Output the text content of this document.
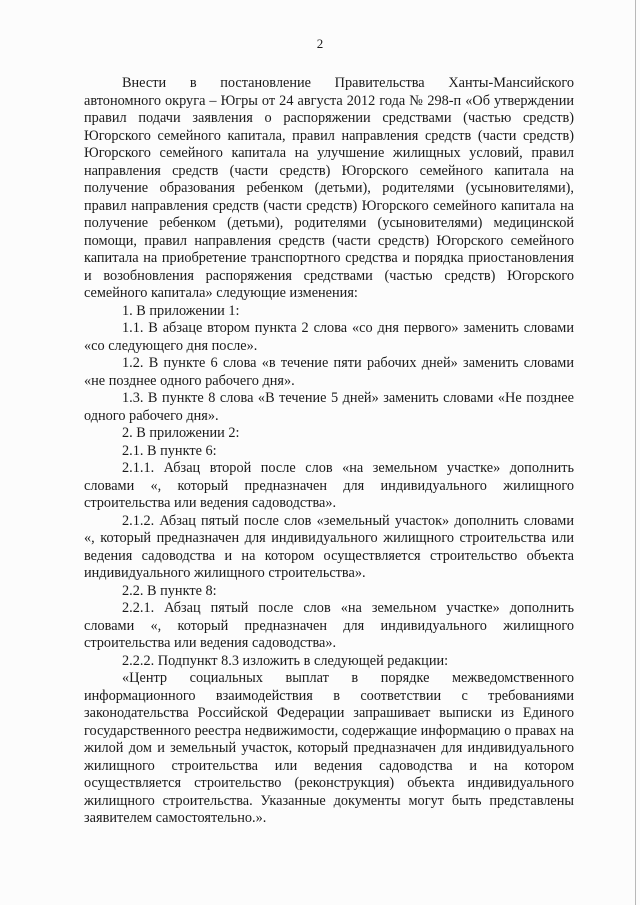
2

Внести в постановление Правительства Ханты-Мансийского автономного округа – Югры от 24 августа 2012 года № 298-п «Об утверждении правил подачи заявления о распоряжении средствами (частью средств) Югорского семейного капитала, правил направления средств (части средств) Югорского семейного капитала на улучшение жилищных условий, правил направления средств (части средств) Югорского семейного капитала на получение образования ребенком (детьми), родителями (усыновителями), правил направления средств (части средств) Югорского семейного капитала на получение ребенком (детьми), родителями (усыновителями) медицинской помощи, правил направления средств (части средств) Югорского семейного капитала на приобретение транспортного средства и порядка приостановления и возобновления распоряжения средствами (частью средств) Югорского семейного капитала» следующие изменения:

1. В приложении 1:

1.1. В абзаце втором пункта 2 слова «со дня первого» заменить словами «со следующего дня после».

1.2. В пункте 6 слова «в течение пяти рабочих дней» заменить словами «не позднее одного рабочего дня».

1.3. В пункте 8 слова «В течение 5 дней» заменить словами «Не позднее одного рабочего дня».

2. В приложении 2:

2.1. В пункте 6:

2.1.1. Абзац второй после слов «на земельном участке» дополнить словами «, который предназначен для индивидуального жилищного строительства или ведения садоводства».

2.1.2. Абзац пятый после слов «земельный участок» дополнить словами «, который предназначен для индивидуального жилищного строительства или ведения садоводства и на котором осуществляется строительство объекта индивидуального жилищного строительства».

2.2. В пункте 8:

2.2.1. Абзац пятый после слов «на земельном участке» дополнить словами «, который предназначен для индивидуального жилищного строительства или ведения садоводства».

2.2.2. Подпункт 8.3 изложить в следующей редакции:

«Центр социальных выплат в порядке межведомственного информационного взаимодействия в соответствии с требованиями законодательства Российской Федерации запрашивает выписки из Единого государственного реестра недвижимости, содержащие информацию о правах на жилой дом и земельный участок, который предназначен для индивидуального жилищного строительства или ведения садоводства и на котором осуществляется строительство (реконструкция) объекта индивидуального жилищного строительства. Указанные документы могут быть представлены заявителем самостоятельно.».
